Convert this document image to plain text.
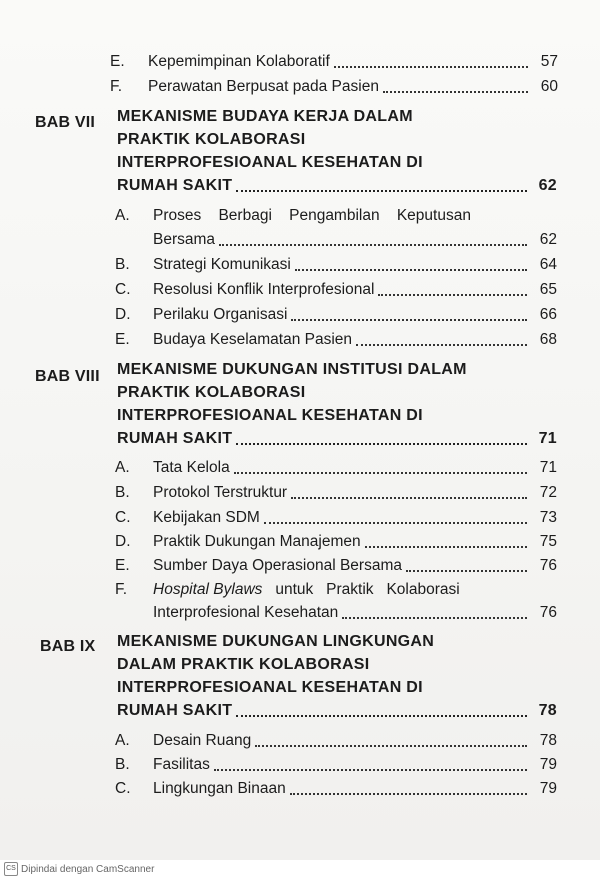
E.	Kepemimpinan Kolaboratif	57
F.	Perawatan Berpusat pada Pasien	60
BAB VII MEKANISME BUDAYA KERJA DALAM
PRAKTIK KOLABORASI
INTERPROFESIOANAL KESEHATAN DI
RUMAH SAKIT	62
A.	Proses    Berbagi    Pengambilan    Keputusan
Bersama	62
B.	Strategi Komunikasi	64
C.	Resolusi Konflik Interprofesional	65
D.	Perilaku Organisasi	66
E.	Budaya Keselamatan Pasien	68
BAB VIII MEKANISME DUKUNGAN INSTITUSI DALAM
PRAKTIK KOLABORASI
INTERPROFESIOANAL KESEHATAN DI
RUMAH SAKIT	71
A.	Tata Kelola	71
B.	Protokol Terstruktur	72
C.	Kebijakan SDM	73
D.	Praktik Dukungan Manajemen	75
E.	Sumber Daya Operasional Bersama	76
F.	Hospital Bylaws untuk   Praktik   Kolaborasi
Interprofesional Kesehatan	76
BAB IX MEKANISME DUKUNGAN LINGKUNGAN
DALAM PRAKTIK KOLABORASI
INTERPROFESIOANAL KESEHATAN DI
RUMAH SAKIT	78
A.	Desain Ruang	78
B.	Fasilitas	79
C.	Lingkungan Binaan	79
CS Dipindai dengan CamScanner
